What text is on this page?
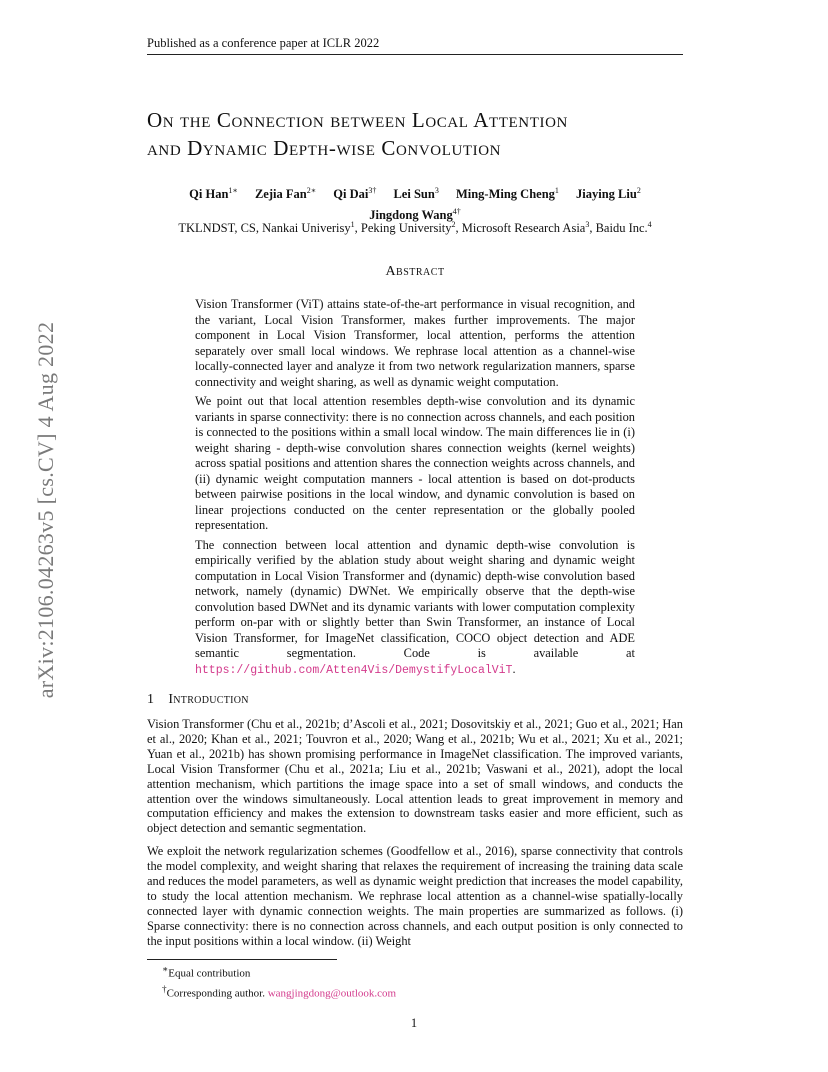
Published as a conference paper at ICLR 2022
On the Connection between Local Attention
and Dynamic Depth-wise Convolution
Qi Han$^{1∗}$ Zejia Fan$^{2∗}$ Qi Dai$^{3\dagger}$ Lei Sun$^3$ Ming-Ming Cheng$^1$ Jiaying Liu$^2$
Jingdong Wang$^{4\dagger}$
TKLNDST, CS, Nankai Univerisy$^1$, Peking University$^2$, Microsoft Research Asia$^3$, Baidu Inc.$^4$
Abstract

Vision Transformer (ViT) attains state-of-the-art performance in visual recognition, and the variant, Local Vision Transformer, makes further improvements. The major component in Local Vision Transformer, local attention, performs the attention separately over small local windows. We rephrase local attention as a channel-wise locally-connected layer and analyze it from two network regularization manners, sparse connectivity and weight sharing, as well as dynamic weight computation.

We point out that local attention resembles depth-wise convolution and its dynamic variants in sparse connectivity: there is no connection across channels, and each position is connected to the positions within a small local window. The main differences lie in (i) weight sharing - depth-wise convolution shares connection weights (kernel weights) across spatial positions and attention shares the connection weights across channels, and (ii) dynamic weight computation manners - local attention is based on dot-products between pairwise positions in the local window, and dynamic convolution is based on linear projections conducted on the center representation or the globally pooled representation.

The connection between local attention and dynamic depth-wise convolution is empirically verified by the ablation study about weight sharing and dynamic weight computation in Local Vision Transformer and (dynamic) depth-wise convolution based network, namely (dynamic) DWNet. We empirically observe that the depth-wise convolution based DWNet and its dynamic variants with lower computation complexity perform on-par with or slightly better than Swin Transformer, an instance of Local Vision Transformer, for ImageNet classification, COCO object detection and ADE semantic segmentation. Code is available at https://github.com/Atten4Vis/DemystifyLocalViT.

1 Introduction

Vision Transformer (Chu et al., 2021b; d’Ascoli et al., 2021; Dosovitskiy et al., 2021; Guo et al., 2021; Han et al., 2020; Khan et al., 2021; Touvron et al., 2020; Wang et al., 2021b; Wu et al., 2021; Xu et al., 2021; Yuan et al., 2021b) has shown promising performance in ImageNet classification. The improved variants, Local Vision Transformer (Chu et al., 2021a; Liu et al., 2021b; Vaswani et al., 2021), adopt the local attention mechanism, which partitions the image space into a set of small windows, and conducts the attention over the windows simultaneously. Local attention leads to great improvement in memory and computation efficiency and makes the extension to downstream tasks easier and more efficient, such as object detection and semantic segmentation.

We exploit the network regularization schemes (Goodfellow et al., 2016), sparse connectivity that controls the model complexity, and weight sharing that relaxes the requirement of increasing the training data scale and reduces the model parameters, as well as dynamic weight prediction that increases the model capability, to study the local attention mechanism. We rephrase local attention as a channel-wise spatially-locally connected layer with dynamic connection weights. The main properties are summarized as follows. (i) Sparse connectivity: there is no connection across channels, and each output position is only connected to the input positions within a local window. (ii) Weight

∗Equal contribution
†Corresponding author. wangjingdong@outlook.com
1
arXiv:2106.04263v5 [cs.CV] 4 Aug 2022
